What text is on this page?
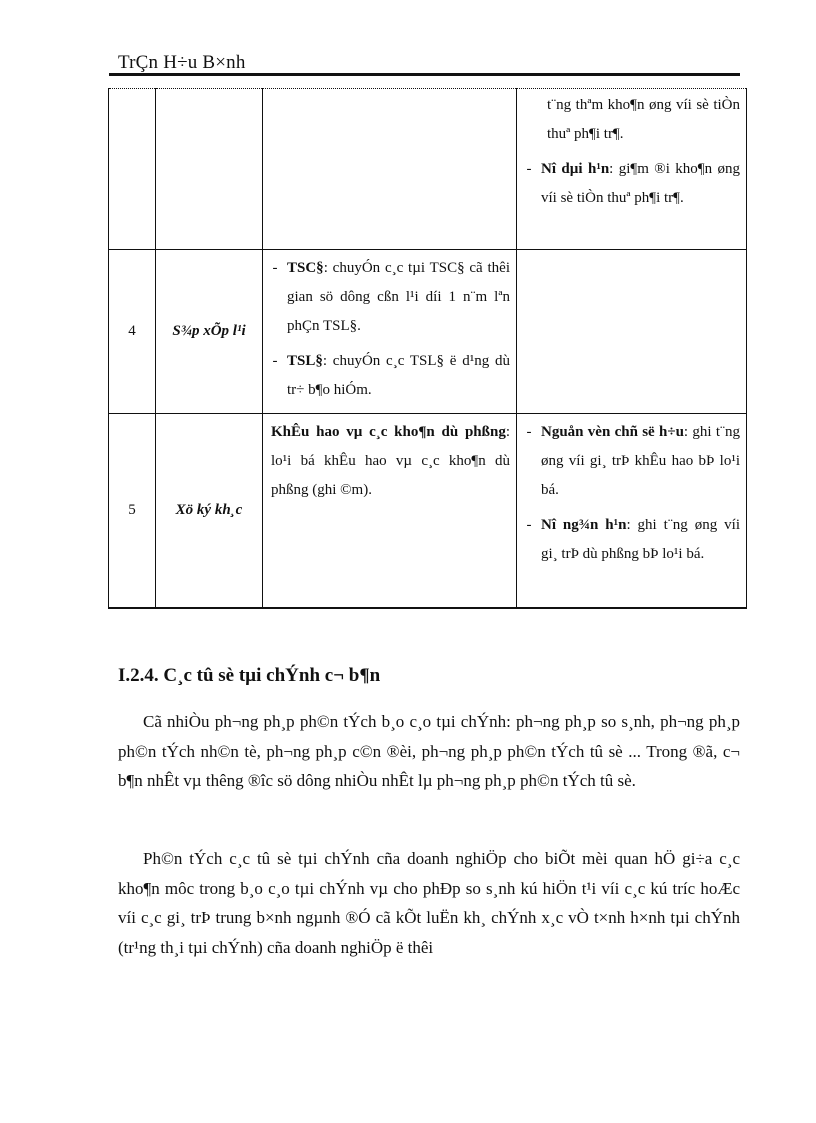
TrÇn H÷u B×nh

			t¨ng thªm kho¶n øng víi sè tiÒn thuª ph¶i tr¶.
- Nî dµi h¹n: gi¶m ®i kho¶n øng víi sè tiÒn thuª ph¶i tr¶.

4	S¾p xÕp l¹i	- TSC§: chuyÓn c¸c tµi TSC§ cã thêi gian sö dông cßn l¹i díi 1 n¨m lªn phÇn TSL§.
- TSL§: chuyÓn c¸c TSL§ ë d¹ng dù tr÷ b¶o hiÓm.	

5	Xö ký kh¸c	KhÊu hao vµ c¸c kho¶n dù phßng: lo¹i bá khÊu hao vµ c¸c kho¶n dù phßng (ghi ©m).	- Nguån vèn chñ së h÷u: ghi t¨ng øng víi gi¸ trÞ khÊu hao bÞ lo¹i bá.
- Nî ng¾n h¹n: ghi t¨ng øng víi gi¸ trÞ dù phßng bÞ lo¹i bá.
I.2.4. C¸c tû sè tµi chÝnh c¬ b¶n

Cã nhiÒu ph¬ng ph¸p ph©n tÝch b¸o c¸o tµi chÝnh: ph¬ng ph¸p so s¸nh, ph¬ng ph¸p ph©n tÝch nh©n tè, ph¬ng ph¸p c©n ®èi, ph¬ng ph¸p ph©n tÝch tû sè ... Trong ®ã, c¬ b¶n nhÊt vµ thêng ®îc sö dông nhiÒu nhÊt lµ ph¬ng ph¸p ph©n tÝch tû sè.

Ph©n tÝch c¸c tû sè tµi chÝnh cña doanh nghiÖp cho biÕt mèi quan hÖ gi÷a c¸c kho¶n môc trong b¸o c¸o tµi chÝnh vµ cho phÐp so s¸nh kú hiÖn t¹i víi c¸c kú tríc hoÆc víi c¸c gi¸ trÞ trung b×nh ngµnh ®Ó cã kÕt luËn kh¸ chÝnh x¸c vÒ t×nh h×nh tµi chÝnh (tr¹ng th¸i tµi chÝnh) cña doanh nghiÖp ë thêi
